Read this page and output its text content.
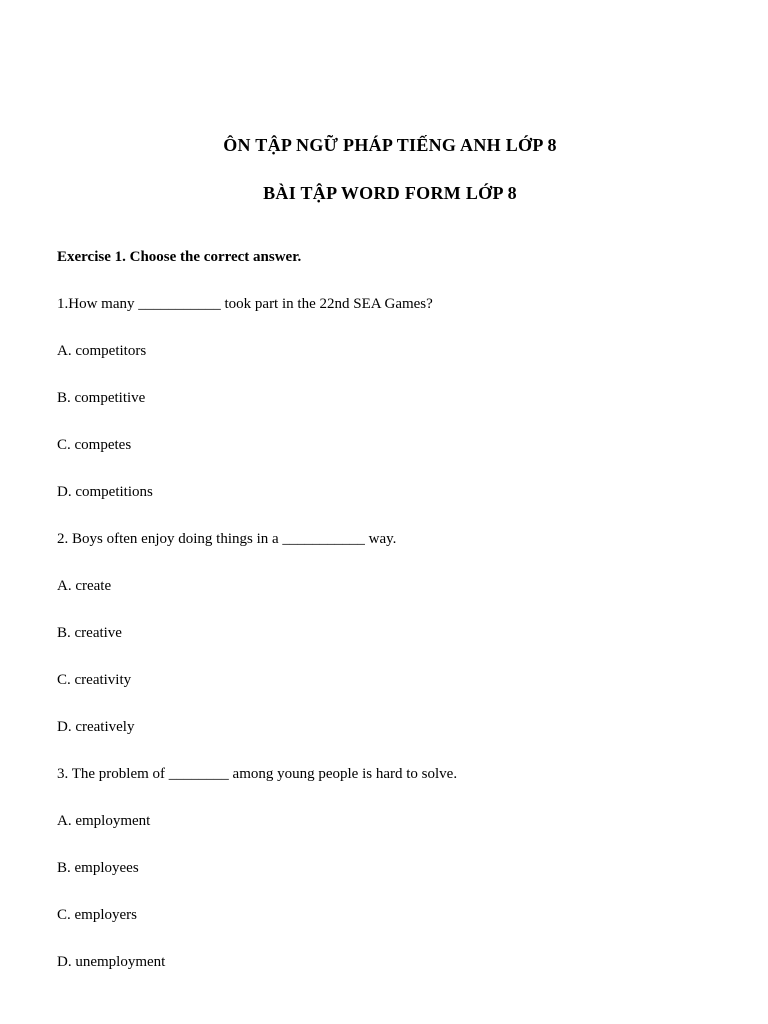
ÔN TẬP NGỮ PHÁP TIẾNG ANH LỚP 8
BÀI TẬP WORD FORM LỚP 8
Exercise 1. Choose the correct answer.
1.How many ___________ took part in the 22nd SEA Games?
A. competitors
B. competitive
C. competes
D. competitions
2. Boys often enjoy doing things in a ___________ way.
A. create
B. creative
C. creativity
D. creatively
3. The problem of ________ among young people is hard to solve.
A. employment
B. employees
C. employers
D. unemployment
